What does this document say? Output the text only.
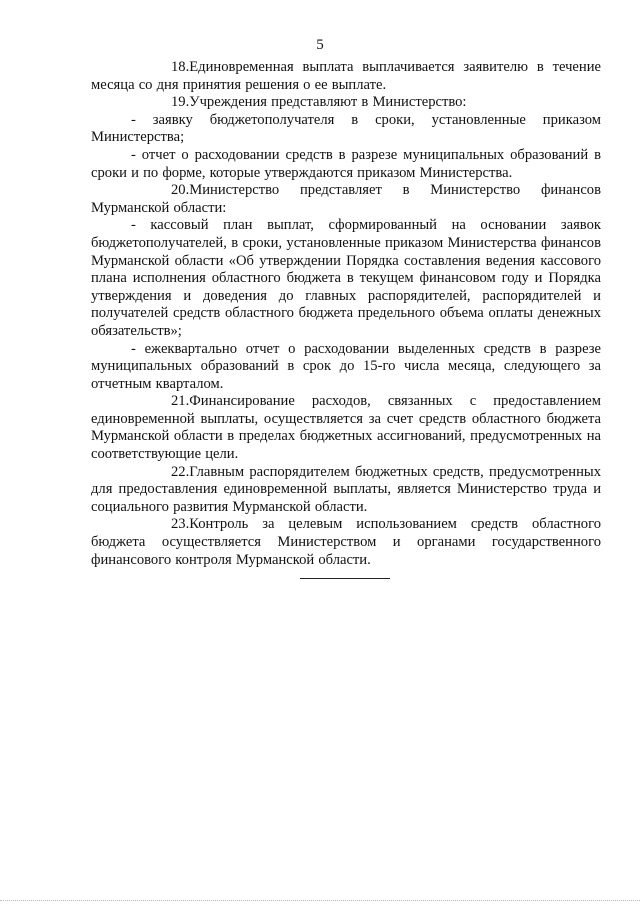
5

18.Единовременная выплата выплачивается заявителю в течение месяца со дня принятия решения о ее выплате.

19.Учреждения представляют в Министерство:

- заявку бюджетополучателя в сроки, установленные приказом Министерства;

- отчет о расходовании средств в разрезе муниципальных образований в сроки и по форме, которые утверждаются приказом Министерства.

20.Министерство представляет в Министерство финансов Мурманской области:

- кассовый план выплат, сформированный на основании заявок бюджетополучателей, в сроки, установленные приказом Министерства финансов Мурманской области «Об утверждении Порядка составления ведения кассового плана исполнения областного бюджета в текущем финансовом году и Порядка утверждения и доведения до главных распорядителей, распорядителей и получателей средств областного бюджета предельного объема оплаты денежных обязательств»;

- ежеквартально отчет о расходовании выделенных средств в разрезе муниципальных образований в срок до 15-го числа месяца, следующего за отчетным кварталом.

21.Финансирование расходов, связанных с предоставлением единовременной выплаты, осуществляется за счет средств областного бюджета Мурманской области в пределах бюджетных ассигнований, предусмотренных на соответствующие цели.

22.Главным распорядителем бюджетных средств, предусмотренных для предоставления единовременной выплаты, является Министерство труда и социального развития Мурманской области.

23.Контроль за целевым использованием средств областного бюджета осуществляется Министерством и органами государственного финансового контроля Мурманской области.
